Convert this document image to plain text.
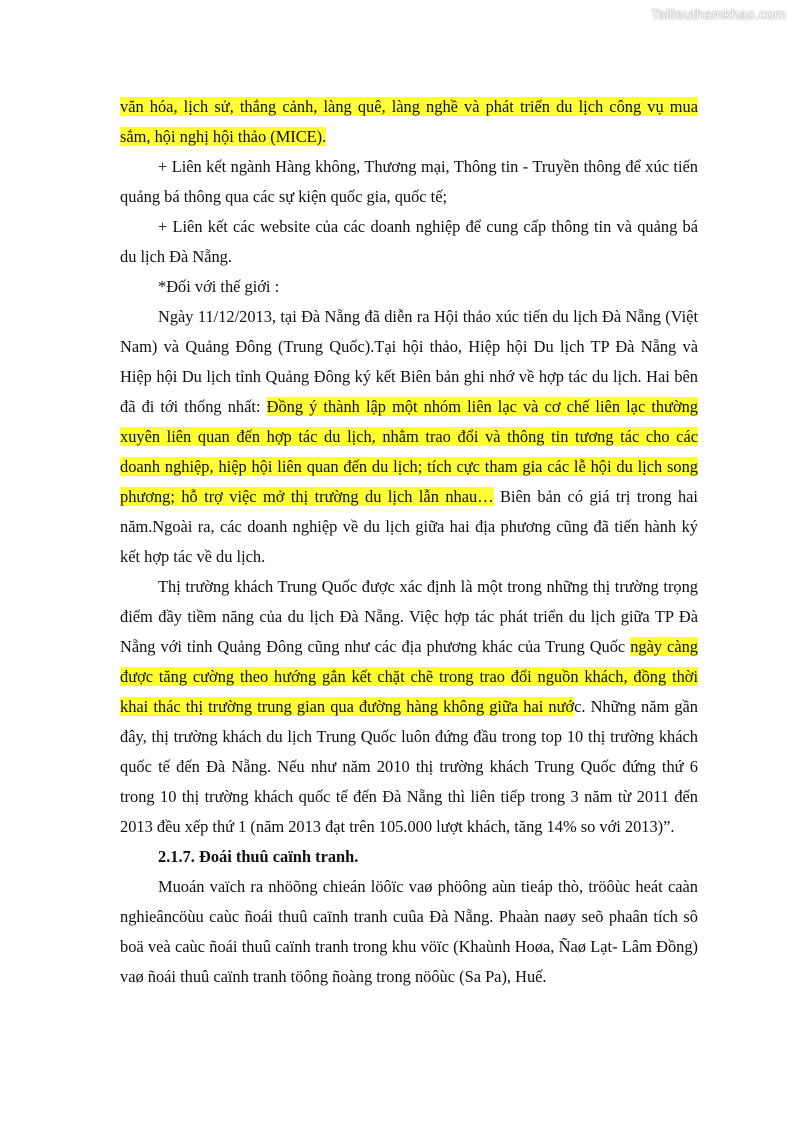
Tailieuthamkhao.com

văn hóa, lịch sử, thắng cảnh, làng quê, làng nghề và phát triển du lịch công vụ mua sắm, hội nghị hội thảo (MICE).

+ Liên kết ngành Hàng không, Thương mại, Thông tin - Truyền thông để xúc tiến quảng bá thông qua các sự kiện quốc gia, quốc tế;

+ Liên kết các website của các doanh nghiệp để cung cấp thông tin và quảng bá du lịch Đà Nẵng.

*Đối với thế giới :

Ngày 11/12/2013, tại Đà Nẵng đã diễn ra Hội thảo xúc tiến du lịch Đà Nẵng (Việt Nam) và Quảng Đông (Trung Quốc).Tại hội thảo, Hiệp hội Du lịch TP Đà Nẵng và Hiệp hội Du lịch tỉnh Quảng Đông ký kết Biên bản ghi nhớ về hợp tác du lịch. Hai bên đã đi tới thống nhất: Đồng ý thành lập một nhóm liên lạc và cơ chế liên lạc thường xuyên liên quan đến hợp tác du lịch, nhằm trao đổi và thông tin tương tác cho các doanh nghiệp, hiệp hội liên quan đến du lịch; tích cực tham gia các lễ hội du lịch song phương; hỗ trợ việc mở thị trường du lịch lẫn nhau… Biên bản có giá trị trong hai năm.Ngoài ra, các doanh nghiệp về du lịch giữa hai địa phương cũng đã tiến hành ký kết hợp tác về du lịch.

Thị trường khách Trung Quốc được xác định là một trong những thị trường trọng điểm đầy tiềm năng của du lịch Đà Nẵng. Việc hợp tác phát triển du lịch giữa TP Đà Nẵng với tỉnh Quảng Đông cũng như các địa phương khác của Trung Quốc ngày càng được tăng cường theo hướng gắn kết chặt chẽ trong trao đổi nguồn khách, đồng thời khai thác thị trường trung gian qua đường hàng không giữa hai nước. Những năm gần đây, thị trường khách du lịch Trung Quốc luôn đứng đầu trong top 10 thị trường khách quốc tế đến Đà Nẵng. Nếu như năm 2010 thị trường khách Trung Quốc đứng thứ 6 trong 10 thị trường khách quốc tế đến Đà Nẵng thì liên tiếp trong 3 năm từ 2011 đến 2013 đều xếp thứ 1 (năm 2013 đạt trên 105.000 lượt khách, tăng 14% so với 2013)”.

2.1.7. Đoái thuû caïnh tranh.

Muoán vaïch ra nhöõng chieán löôïc vaø phöông aùn tieáp thò, tröôùc heát caàn nghieâncöùu caùc ñoái thuû caïnh tranh cuûa Đà Nẵng. Phaàn naøy seõ phaân tích sô boä veà caùc ñoái thuû caïnh tranh trong khu vöïc (Khaùnh Hoøa, Ñaø Lạt- Lâm Đồng) vaø ñoái thuû caïnh tranh töông ñoàng trong nöôùc (Sa Pa), Huế.
